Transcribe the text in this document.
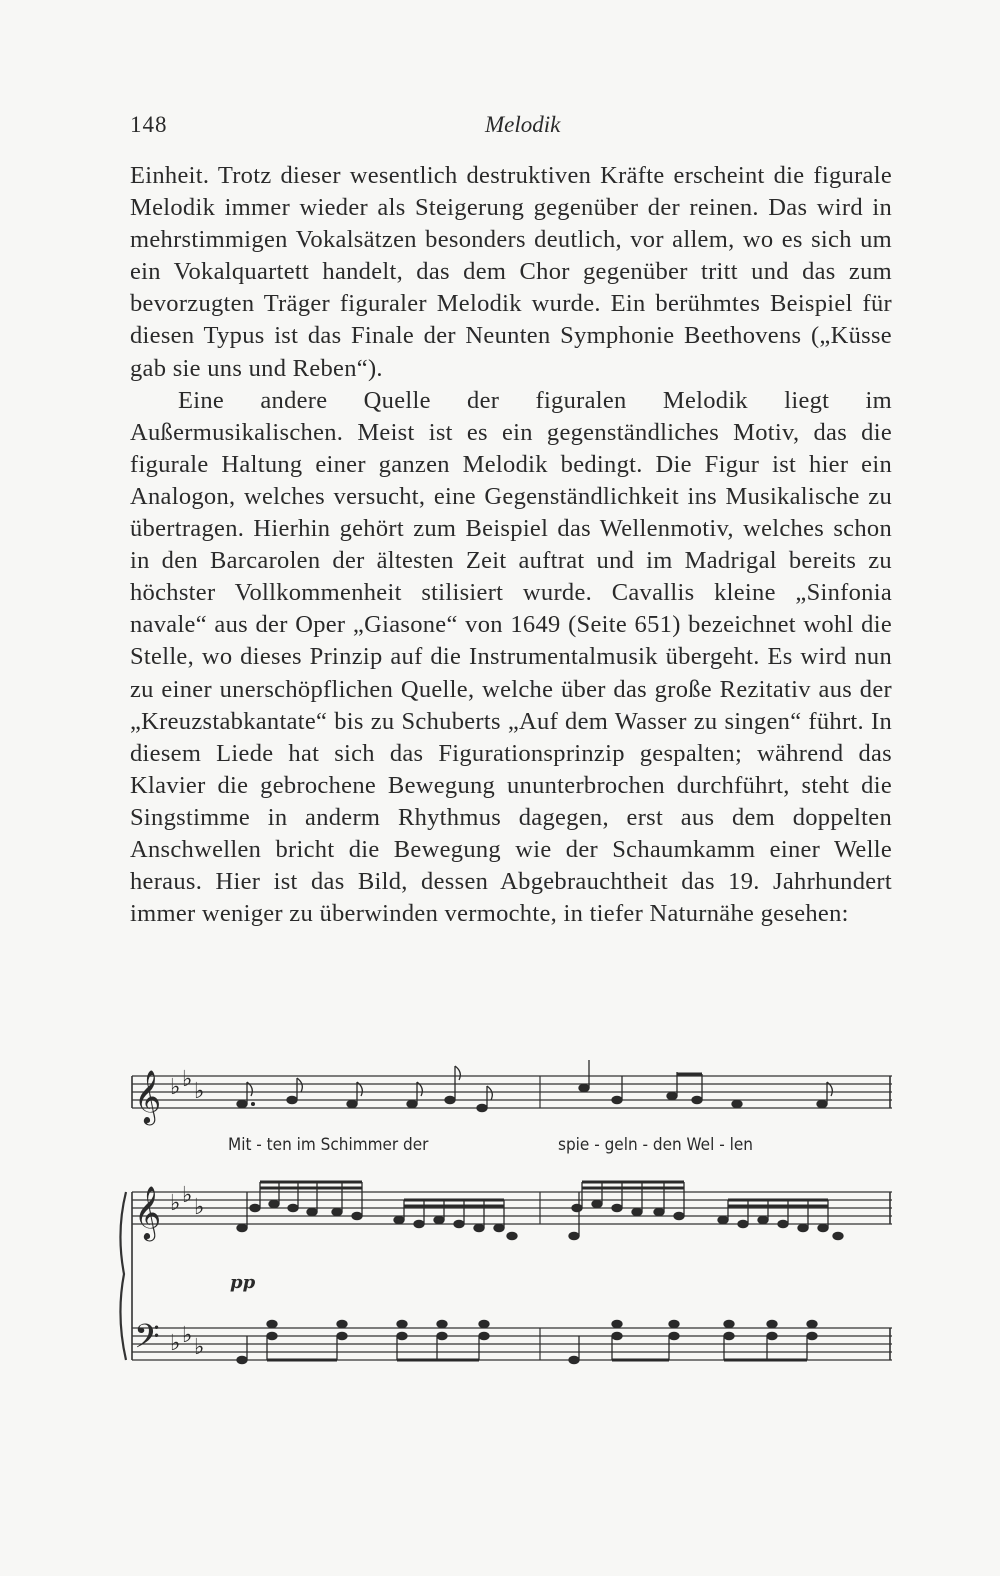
148	Melodik

Einheit. Trotz dieser wesentlich destruktiven Kräfte erscheint die figurale Melodik immer wieder als Steigerung gegenüber der reinen. Das wird in mehrstimmigen Vokalsätzen besonders deutlich, vor allem, wo es sich um ein Vokalquartett handelt, das dem Chor gegenüber tritt und das zum bevorzugten Träger figuraler Melodik wurde. Ein berühmtes Beispiel für diesen Typus ist das Finale der Neunten Symphonie Beethovens („Küsse gab sie uns und Reben“).

Eine andere Quelle der figuralen Melodik liegt im Außermusikalischen. Meist ist es ein gegenständliches Motiv, das die figurale Haltung einer ganzen Melodik bedingt. Die Figur ist hier ein Analogon, welches versucht, eine Gegenständlichkeit ins Musikalische zu übertragen. Hierhin gehört zum Beispiel das Wellenmotiv, welches schon in den Barcarolen der ältesten Zeit auftrat und im Madrigal bereits zu höchster Vollkommenheit stilisiert wurde. Cavallis kleine „Sinfonia navale“ aus der Oper „Giasone“ von 1649 (Seite 651) bezeichnet wohl die Stelle, wo dieses Prinzip auf die Instrumentalmusik übergeht. Es wird nun zu einer unerschöpflichen Quelle, welche über das große Rezitativ aus der „Kreuzstabkantate“ bis zu Schuberts „Auf dem Wasser zu singen“ führt. In diesem Liede hat sich das Figurationsprinzip gespalten; während das Klavier die gebrochene Bewegung ununterbrochen durchführt, steht die Singstimme in anderm Rhythmus dagegen, erst aus dem doppelten Anschwellen bricht die Bewegung wie der Schaumkamm einer Welle heraus. Hier ist das Bild, dessen Abgebrauchtheit das 19. Jahrhundert immer weniger zu überwinden vermochte, in tiefer Naturnähe gesehen:

𝄞 ♭ ♭ ♭
𝄞 ♭ ♭ ♭
𝄢 ♭ ♭ ♭
Mit - ten im Schimmer der	spie - geln - den Wel - len
pp
